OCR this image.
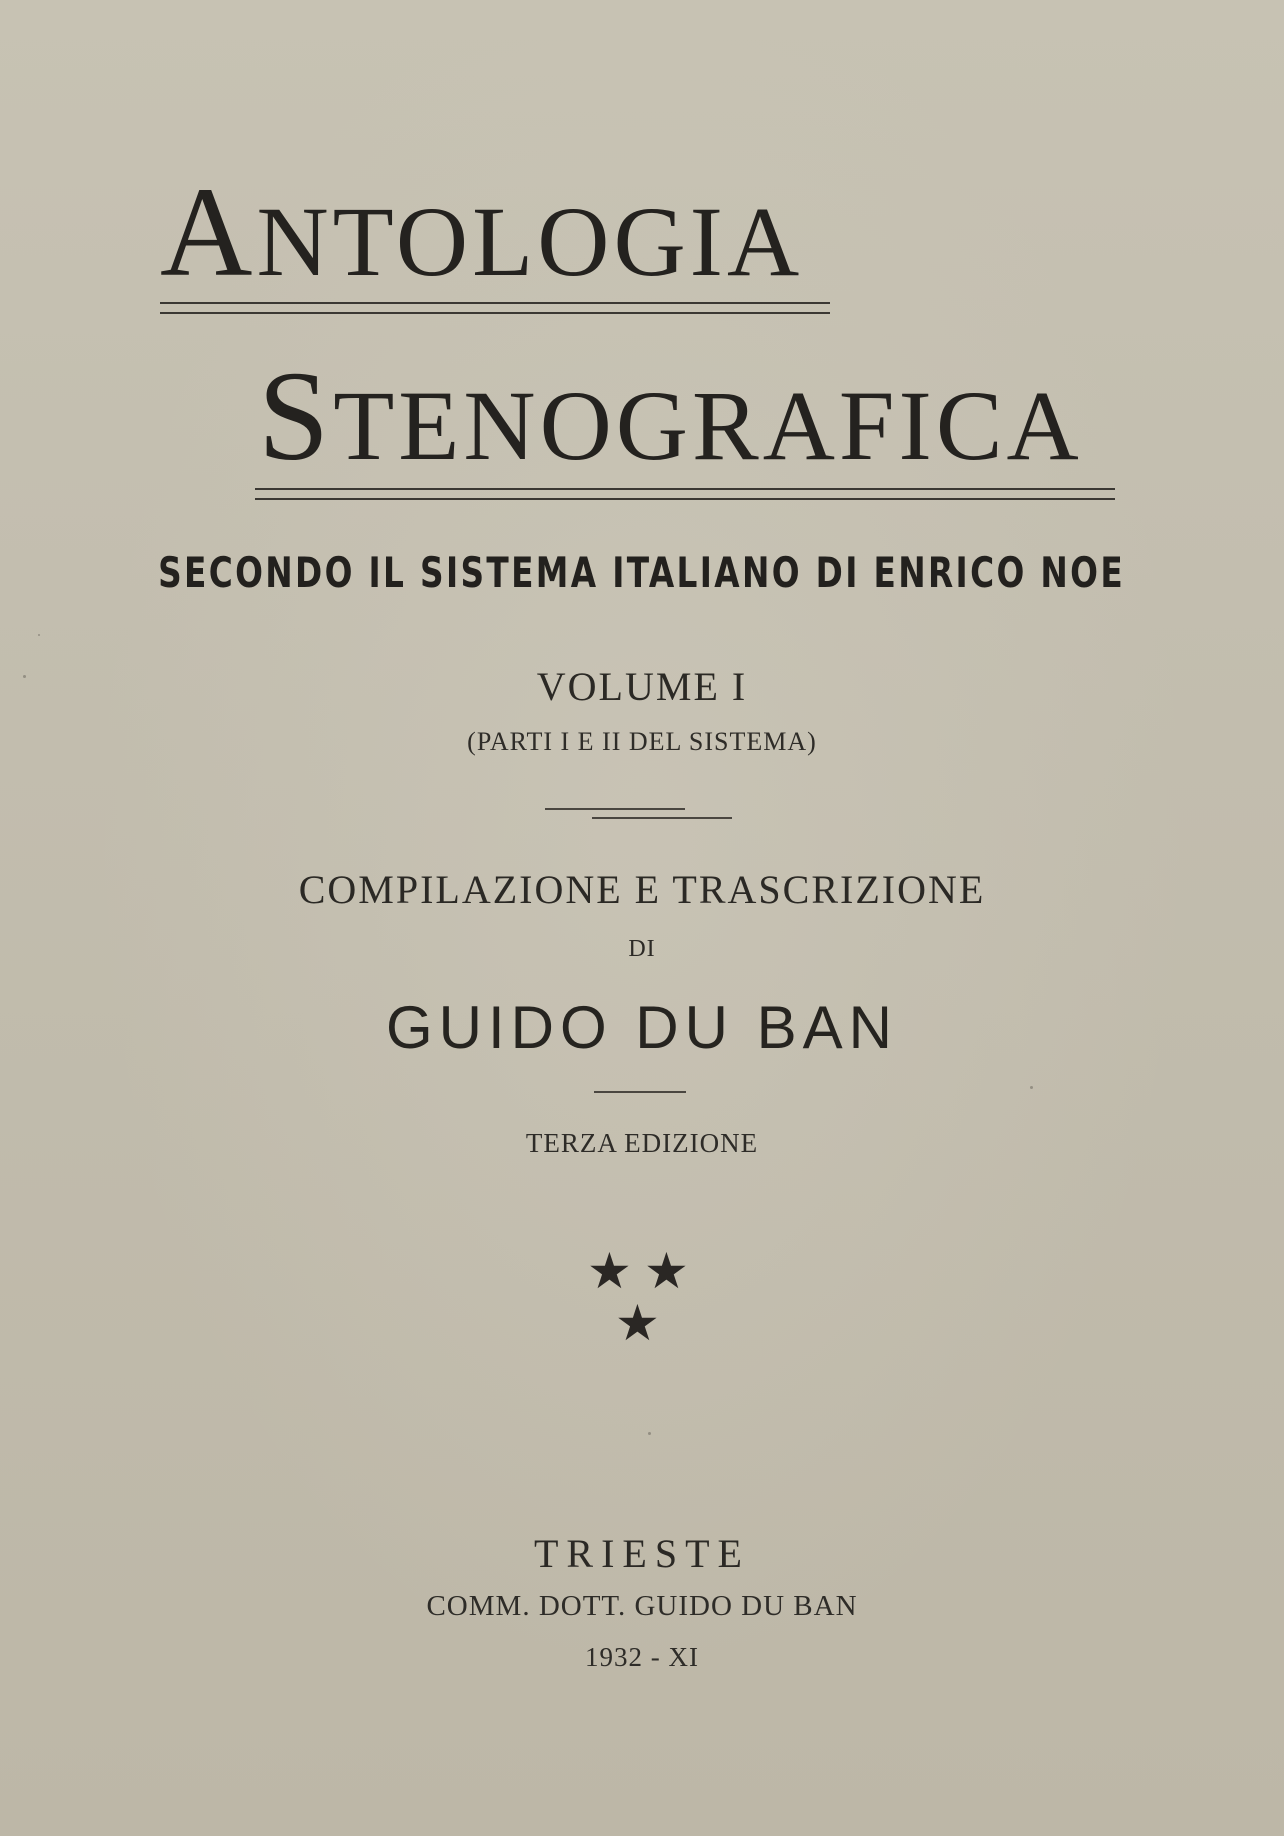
ANTOLOGIA
STENOGRAFICA
SECONDO IL SISTEMA ITALIANO DI ENRICO NOE
VOLUME I
(PARTI I E II DEL SISTEMA)
COMPILAZIONE E TRASCRIZIONE
DI
GUIDO DU BAN
TERZA EDIZIONE
★ ★
★
TRIESTE
COMM. DOTT. GUIDO DU BAN
1932 - XI
